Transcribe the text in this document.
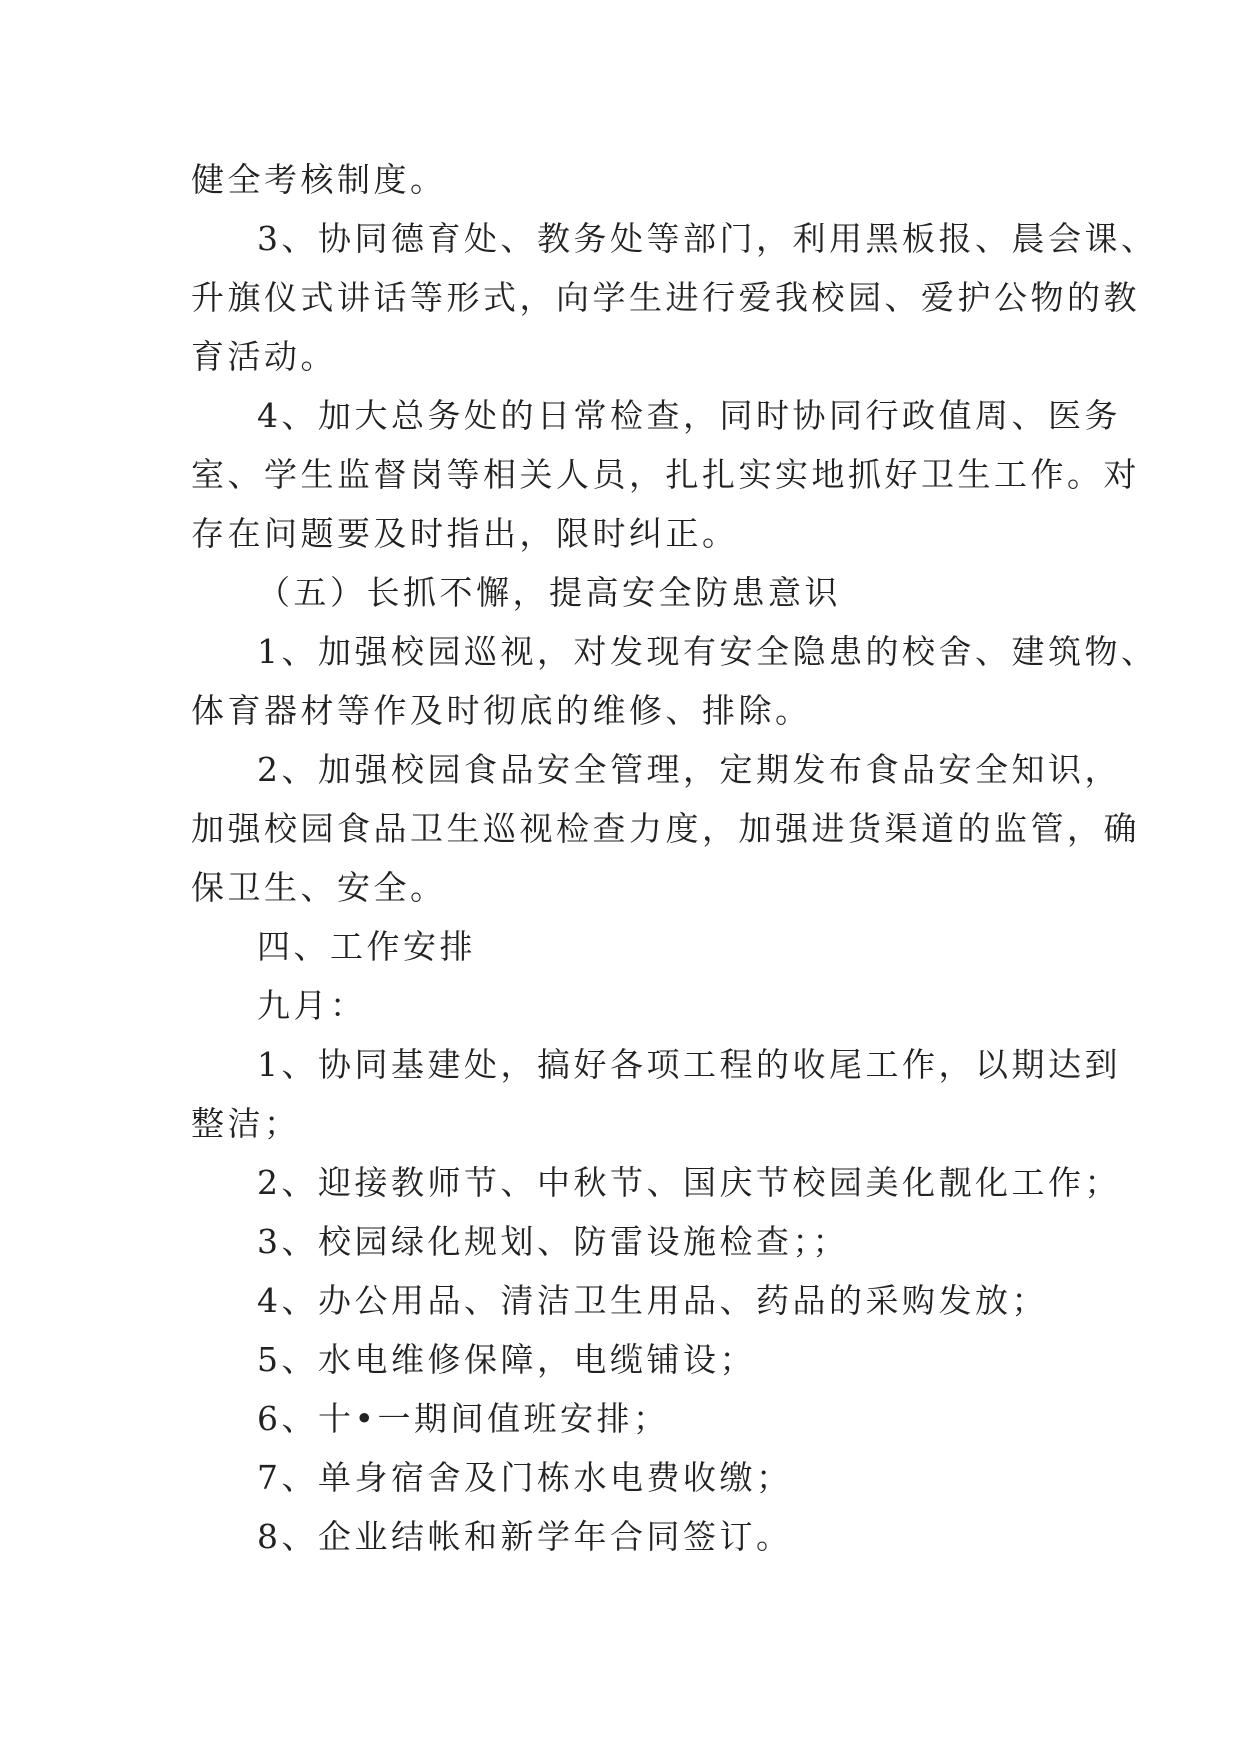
健全考核制度。
3、协同德育处、教务处等部门，利用黑板报、晨会课、
升旗仪式讲话等形式，向学生进行爱我校园、爱护公物的教
育活动。
4、加大总务处的日常检查，同时协同行政值周、医务
室、学生监督岗等相关人员，扎扎实实地抓好卫生工作。对
存在问题要及时指出，限时纠正。
（五）长抓不懈，提高安全防患意识
1、加强校园巡视，对发现有安全隐患的校舍、建筑物、
体育器材等作及时彻底的维修、排除。
2、加强校园食品安全管理，定期发布食品安全知识，
加强校园食品卫生巡视检查力度，加强进货渠道的监管，确
保卫生、安全。
四、工作安排
九月：
1、协同基建处，搞好各项工程的收尾工作，以期达到
整洁；
2、迎接教师节、中秋节、国庆节校园美化靓化工作；
3、校园绿化规划、防雷设施检查；；
4、办公用品、清洁卫生用品、药品的采购发放；
5、水电维修保障，电缆铺设；
6、十•一期间值班安排；
7、单身宿舍及门栋水电费收缴；
8、企业结帐和新学年合同签订。
